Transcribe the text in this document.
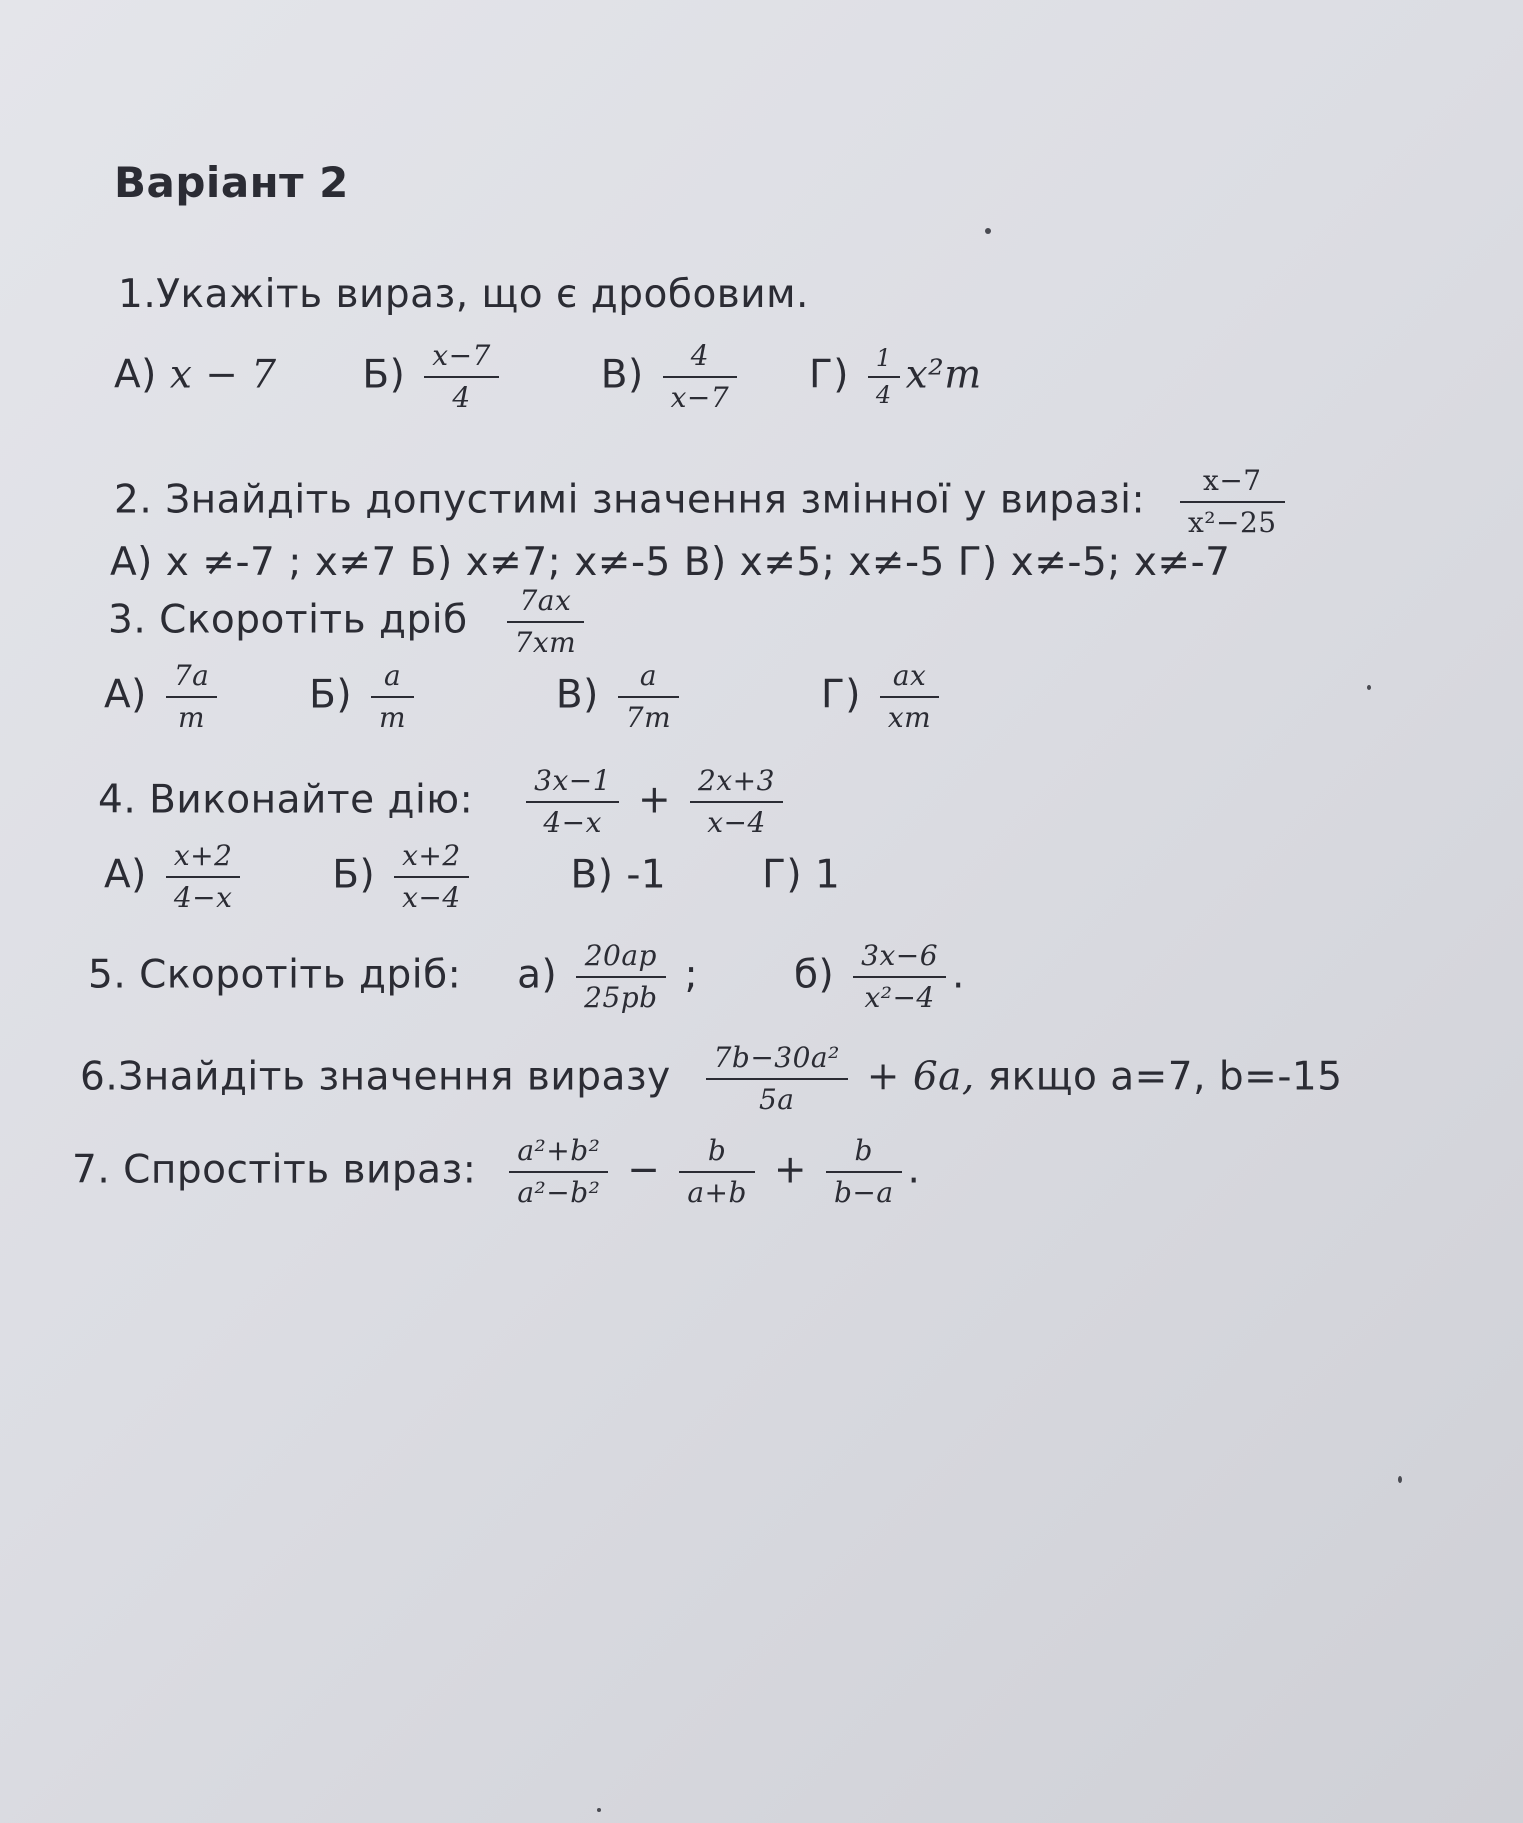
Варіант 2
1.Укажіть вираз, що є дробовим.
А) x − 7 $Б) \frac{x-7}{4}$	$В) \frac{4}{x-7} Г) \frac{1}{4} x^2m$
2. Знайдіть допустимі значення змінної у виразі: $\frac{x-7}{\text{x²−25}}$
А) x ≠-7 ; x≠7 Б) x≠7; x≠-5 В) x≠5; x≠-5 Г) x≠-5; x≠-7
3. Скоротіть дріб $\frac{7ax}{7xm}$
$А) \frac{7a}{m} Б) \frac{a}{m}$	$В) \frac{a}{7m}$	$Г) \frac{ax}{xm}$
4. Виконайте дію: $\frac{3x-1}{4-x} + \frac{2x+3}{x-4}$
$А) \frac{x+2}{4-x} Б) \frac{x+2}{x-4}$	В) -1 Г) 1
5. Скоротіть дріб: $а) \frac{20ap}{25pb}$ ; $б) \frac{3x-6}{\text{x²−4}}$ .
6.Знайдіть значення виразу $\frac{\text{7b−30a²}}{5a} + 6a$, якщо a=7, b=-15
7. Спростіть вираз: $\frac{\text{a²+b²}}{\text{a²−b²}} - \frac{b}{a+b} + \frac{b}{b-a}$ .
